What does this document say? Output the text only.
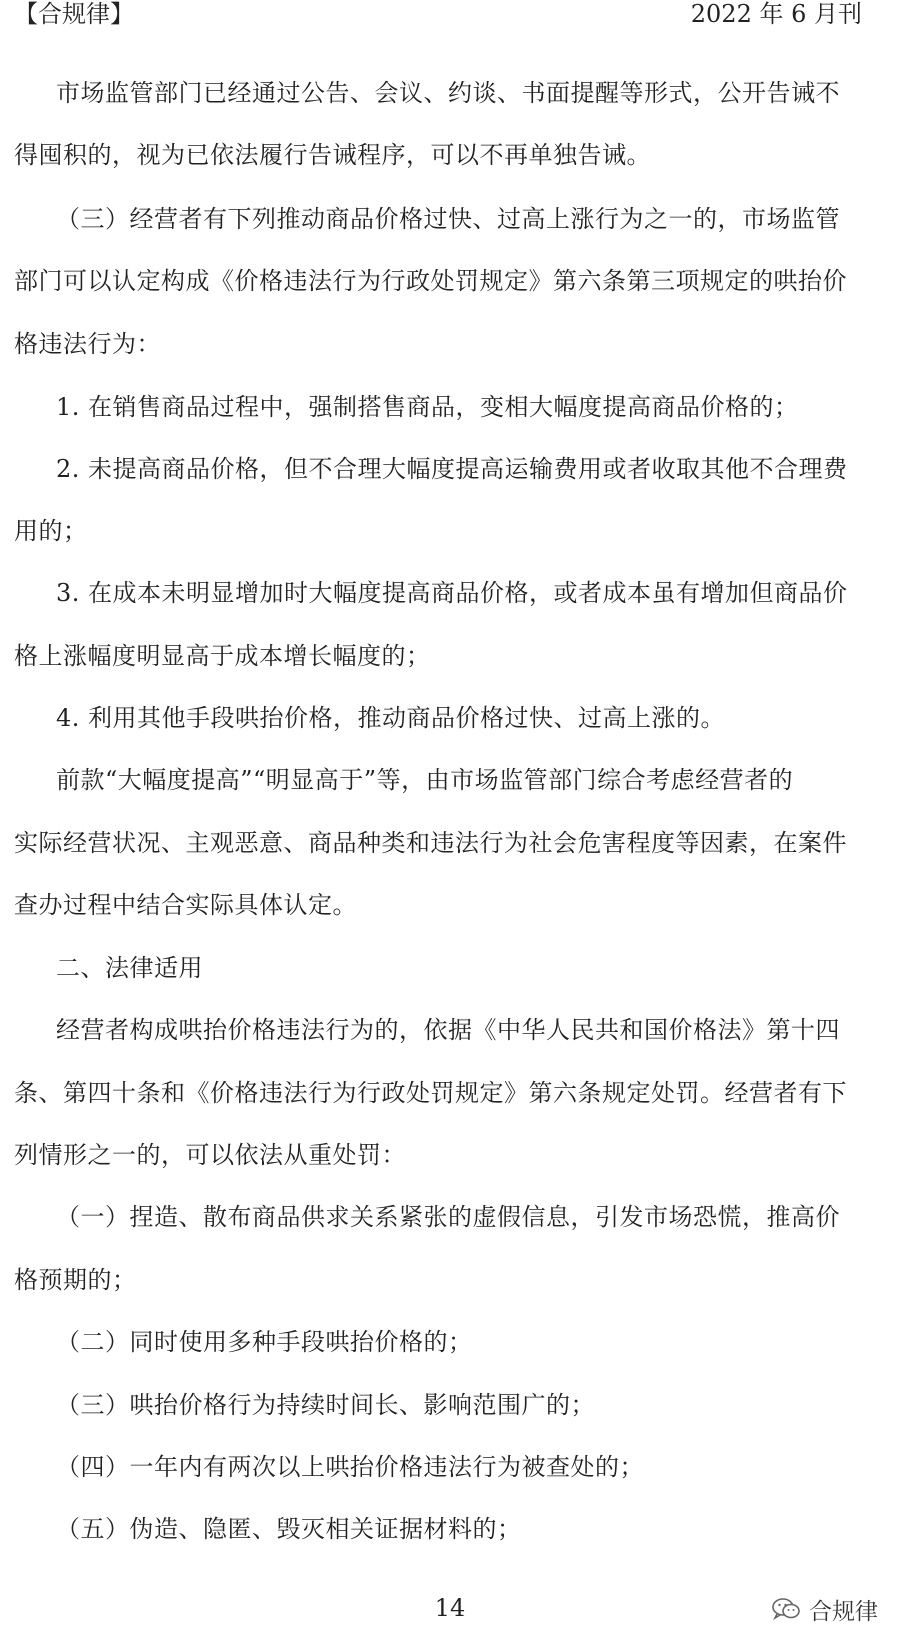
【合规律】	2022 年 6 月刊
市场监管部门已经通过公告、会议、约谈、书面提醒等形式，公开告诫不
得囤积的，视为已依法履行告诫程序，可以不再单独告诫。
（三）经营者有下列推动商品价格过快、过高上涨行为之一的，市场监管
部门可以认定构成《价格违法行为行政处罚规定》第六条第三项规定的哄抬价
格违法行为：
1. 在销售商品过程中，强制搭售商品，变相大幅度提高商品价格的；
2. 未提高商品价格，但不合理大幅度提高运输费用或者收取其他不合理费
用的；
3. 在成本未明显增加时大幅度提高商品价格，或者成本虽有增加但商品价
格上涨幅度明显高于成本增长幅度的；
4. 利用其他手段哄抬价格，推动商品价格过快、过高上涨的。
前款“大幅度提高”“明显高于”等，由市场监管部门综合考虑经营者的
实际经营状况、主观恶意、商品种类和违法行为社会危害程度等因素，在案件
查办过程中结合实际具体认定。
二、法律适用
经营者构成哄抬价格违法行为的，依据《中华人民共和国价格法》第十四
条、第四十条和《价格违法行为行政处罚规定》第六条规定处罚。经营者有下
列情形之一的，可以依法从重处罚：
（一）捏造、散布商品供求关系紧张的虚假信息，引发市场恐慌，推高价
格预期的；
（二）同时使用多种手段哄抬价格的；
（三）哄抬价格行为持续时间长、影响范围广的；
（四）一年内有两次以上哄抬价格违法行为被查处的；
（五）伪造、隐匿、毁灭相关证据材料的；
14	合规律
